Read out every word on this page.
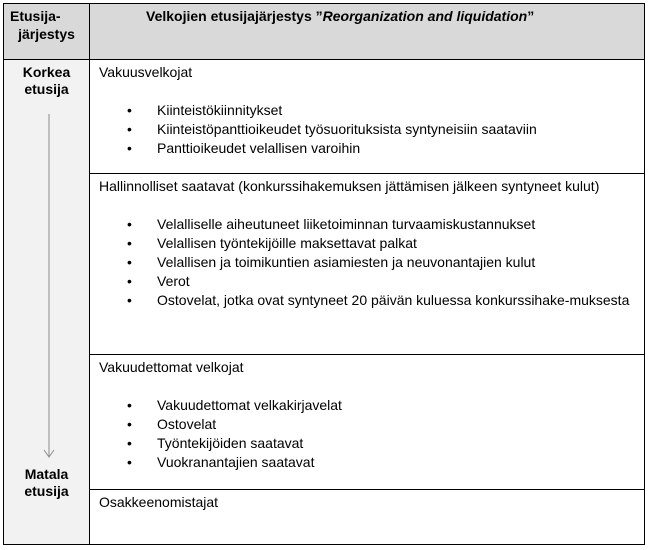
Etusija-
järjestys
Korkea
etusija
Matala
etusija
Velkojien etusijajärjestys ”Reorganization and liquidation”

Vakuusvelkojat

• Kiinteistökiinnitykset
• Kiinteistöpanttioikeudet työsuorituksista syntyneisiin saataviin
• Panttioikeudet velallisen varoihin

Hallinnolliset saatavat (konkurssihakemuksen jättämisen jälkeen syntyneet kulut)

• Velalliselle aiheutuneet liiketoiminnan turvaamiskustannukset
• Velallisen työntekijöille maksettavat palkat
• Velallisen ja toimikuntien asiamiesten ja neuvonantajien kulut
• Verot
• Ostovelat, jotka ovat syntyneet 20 päivän kuluessa konkurssihake-muksesta

Vakuudettomat velkojat

• Vakuudettomat velkakirjavelat
• Ostovelat
• Työntekijöiden saatavat
• Vuokranantajien saatavat

Osakkeenomistajat
